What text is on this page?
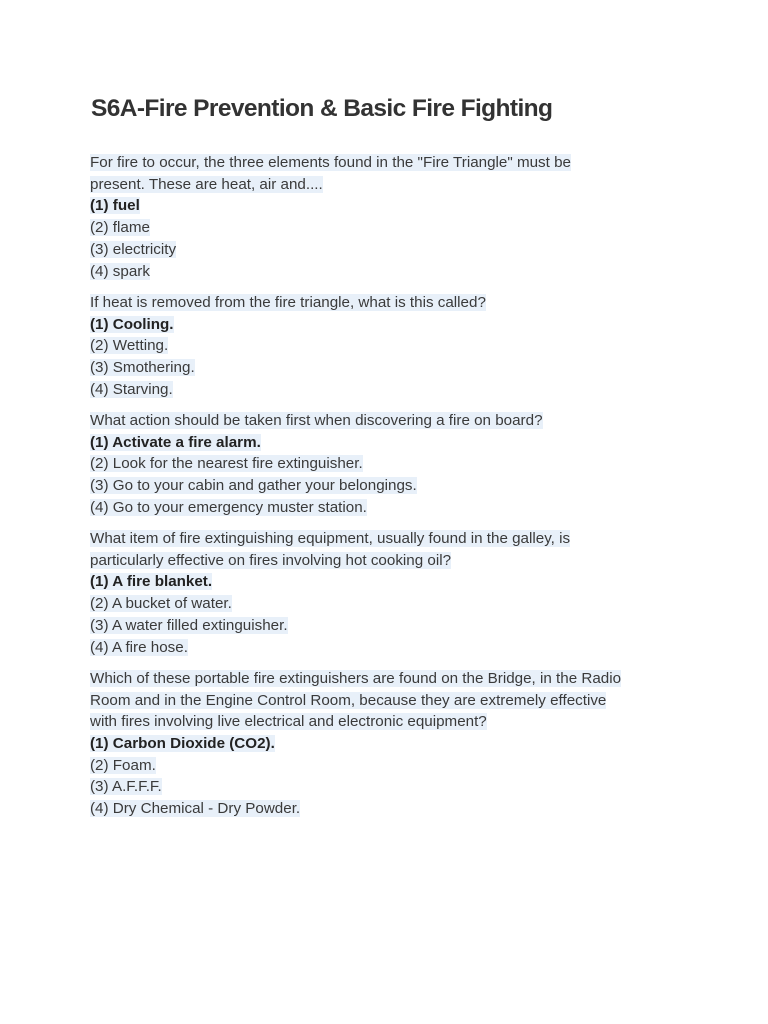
S6A-Fire Prevention & Basic Fire Fighting
For fire to occur, the three elements found in the "Fire Triangle" must be
present. These are heat, air and....
(1) fuel
(2) flame
(3) electricity
(4) spark
If heat is removed from the fire triangle, what is this called?
(1) Cooling.
(2) Wetting.
(3) Smothering.
(4) Starving.
What action should be taken first when discovering a fire on board?
(1) Activate a fire alarm.
(2) Look for the nearest fire extinguisher.
(3) Go to your cabin and gather your belongings.
(4) Go to your emergency muster station.
What item of fire extinguishing equipment, usually found in the galley, is
particularly effective on fires involving hot cooking oil?
(1) A fire blanket.
(2) A bucket of water.
(3) A water filled extinguisher.
(4) A fire hose.
Which of these portable fire extinguishers are found on the Bridge, in the Radio
Room and in the Engine Control Room, because they are extremely effective
with fires involving live electrical and electronic equipment?
(1) Carbon Dioxide (CO2).
(2) Foam.
(3) A.F.F.F.
(4) Dry Chemical - Dry Powder.
